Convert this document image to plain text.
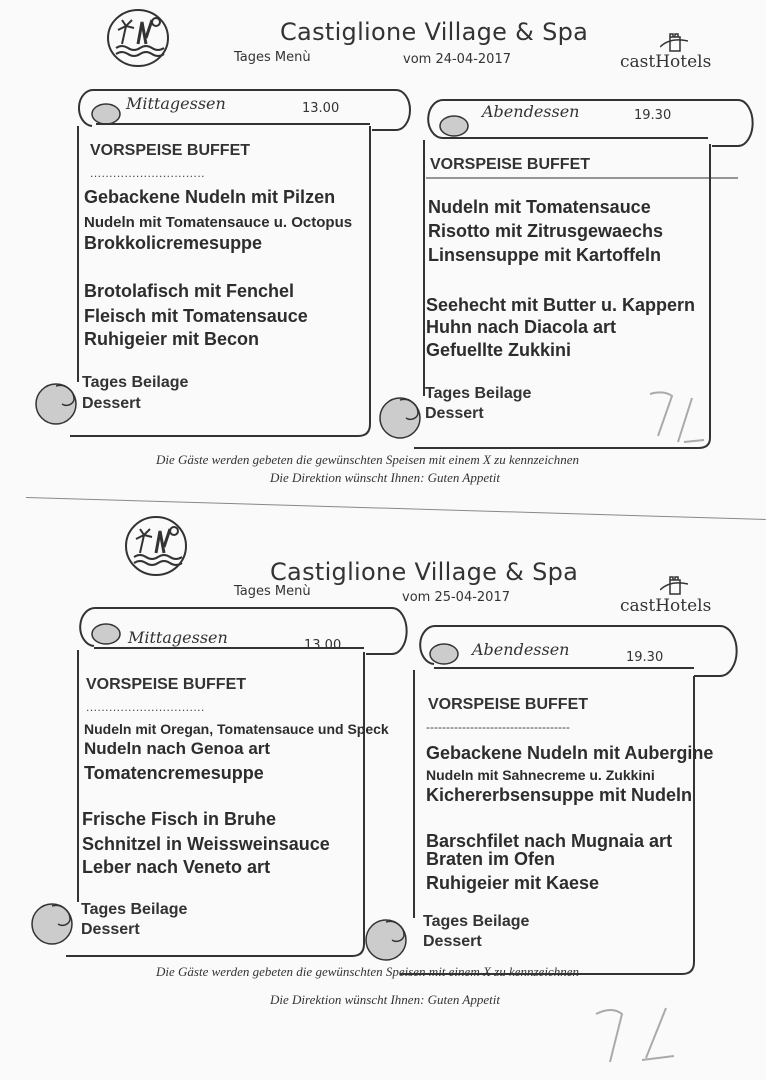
Castiglione Village & Spa
Tages Menù	vom 24-04-2017	castHotels
Mittagessen	13.00
VORSPEISE BUFFET
..............................
Gebackene Nudeln mit Pilzen
Nudeln mit Tomatensauce u. Octopus
Brokkolicremesuppe
Brotolafisch mit Fenchel
Fleisch mit Tomatensauce
Ruhigeier mit Becon
Tages Beilage
Dessert
Abendessen	19.30
VORSPEISE BUFFET
Nudeln mit Tomatensauce
Risotto mit Zitrusgewaechs
Linsensuppe mit Kartoffeln
Seehecht mit Butter u. Kappern
Huhn nach Diacola art
Gefuellte Zukkini
Tages Beilage
Dessert
Die Gäste werden gebeten die gewünschten Speisen mit einem X zu kennzeichnen
Die Direktion wünscht Ihnen: Guten Appetit
Castiglione Village & Spa
Tages Menù	vom 25-04-2017	castHotels
Mittagessen	13.00
VORSPEISE BUFFET
...............................
Nudeln mit Oregan, Tomatensauce und Speck
Nudeln nach Genoa art
Tomatencremesuppe
Frische Fisch in Bruhe
Schnitzel in Weissweinsauce
Leber nach Veneto art
Tages Beilage
Dessert
Abendessen	19.30
VORSPEISE BUFFET
------------------------------------
Gebackene Nudeln mit Aubergine
Nudeln mit Sahnecreme u. Zukkini
Kichererbsensuppe mit Nudeln
Barschfilet nach Mugnaia art
Braten im Ofen
Ruhigeier mit Kaese
Tages Beilage
Dessert
Die Gäste werden gebeten die gewünschten Speisen mit einem X zu kennzeichnen
Die Direktion wünscht Ihnen: Guten Appetit
